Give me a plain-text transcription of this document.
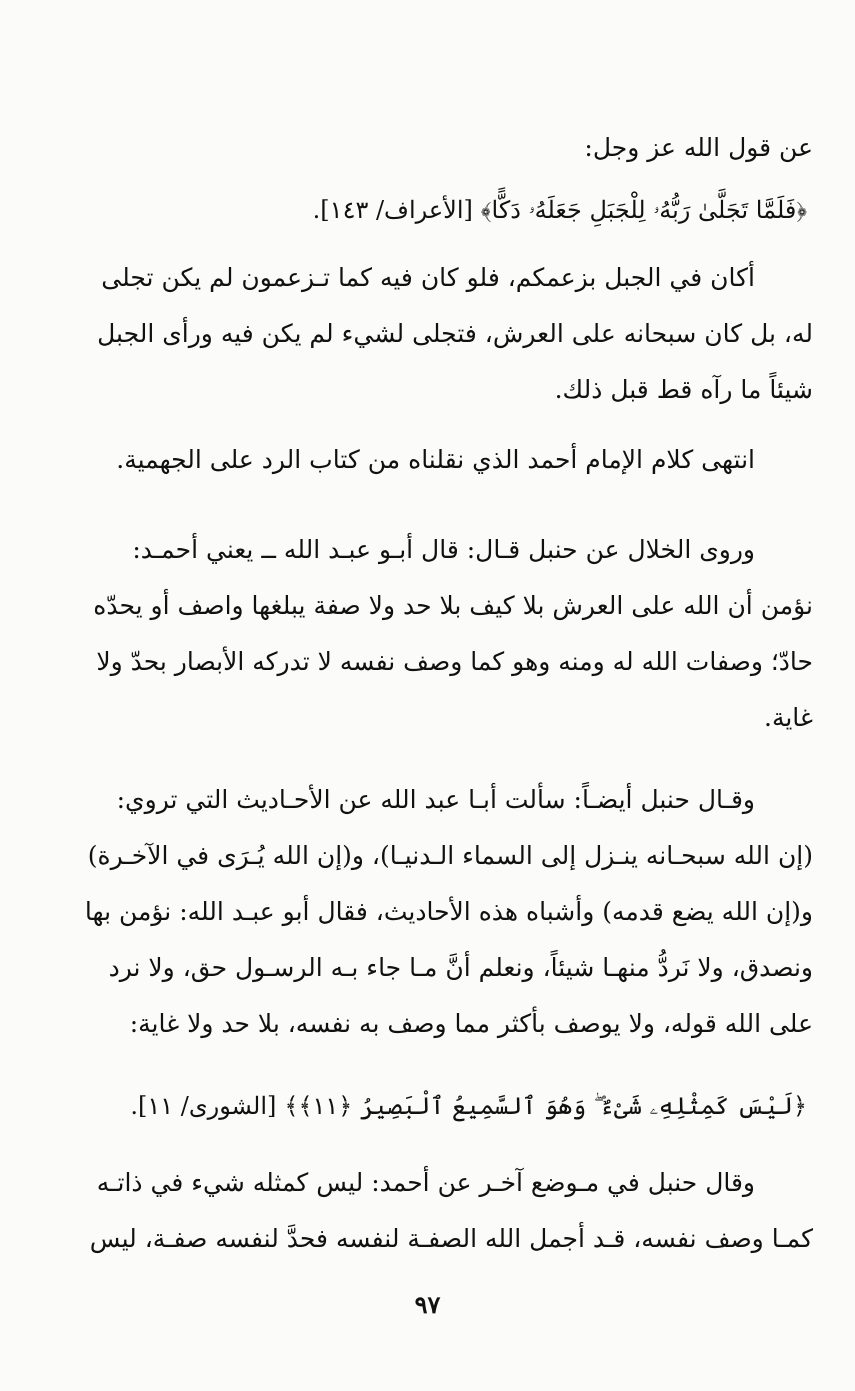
عن قول الله عز وجل:

﴿فَلَمَّا تَجَلَّىٰ رَبُّهُۥ لِلْجَبَلِ جَعَلَهُۥ دَكًّا﴾[الأعراف/ ١٤٣].

أكان في الجبل بزعمكم، فلو كان فيه كما تـزعمون لم يكن تجلى

له، بل كان سبحانه على العرش، فتجلى لشيء لم يكن فيه ورأى الجبل

شيئاً ما رآه قط قبل ذلك.

انتهى كلام الإمام أحمد الذي نقلناه من كتاب الرد على الجهمية.

وروى الخلال عن حنبل قـال: قال أبـو عبـد الله ــ يعني أحمـد:

نؤمن أن الله على العرش بلا كيف بلا حد ولا صفة يبلغها واصف أو يحدّه

حادّ؛ وصفات الله له ومنه وهو كما وصف نفسه لا تدركه الأبصار بحدّ ولا

غاية.

وقـال حنبل أيضـاً: سألت أبـا عبد الله عن الأحـاديث التي تروي:

(إن الله سبحـانه ينـزل إلى السماء الـدنيـا)، و(إن الله يُـرَى في الآخـرة)

و(إن الله يضع قدمه) وأشباه هذه الأحاديث، فقال أبو عبـد الله: نؤمن بها

ونصدق، ولا نَردُّ منهـا شيئاً، ونعلم أنَّ مـا جاء بـه الرسـول حق، ولا نرد

على الله قوله، ولا يوصف بأكثر مما وصف به نفسه، بلا حد ولا غاية:

﴿لَيْسَ كَمِثْلِهِۦ شَىْءٌ ۖ وَهُوَ ٱلسَّمِيعُ ٱلْبَصِيرُ ﴿١١﴾﴾[الشورى/ ١١].

وقال حنبل في مـوضع آخـر عن أحمد: ليس كمثله شيء في ذاتـه

كمـا وصف نفسه، قـد أجمل الله الصفـة لنفسه فحدَّ لنفسه صفـة، ليس

٩٧
